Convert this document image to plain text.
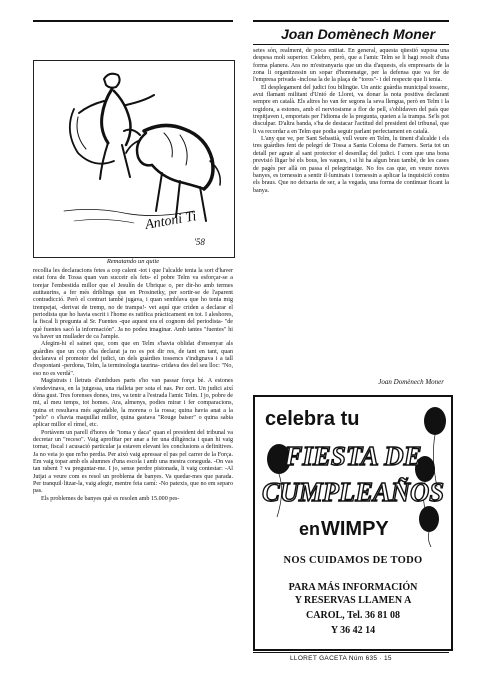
Joan Domènech Moner
Antoni Ti
'58
Rematando un quite

setes són, realment, de poca entitat. En general, aquesta qüestió suposa una despesa molt superior. Celebro, però, que a l'amic Telm se li hagi resolt d'una forma planera. Ara no m'estranyaria que un dia d'aquests, els empresaris de la zona li organitzessin un sopar d'homenatge, per la defensa que va fer de l'empresa privada -inclosa la de la plaça de "toros"- i del respecte que li tenia.

El desplegament del judici fou bilingüe. Un antic guàrdia municipal tossenc, avui flamant militant d'Unió de Lloret, va donar la nota positiva declarant sempre en català. Els altres ho van fer segons la seva llengua, però en Telm i la regidora, a estones, amb el nerviosisme a flor de pell, s'oblidaven del país que trepitjaven i, emportats per l'idioma de la pregunta, queien a la trampa. Se'ls pot disculpar. D'altra banda, s'ha de destacar l'actitud del president del tribunal, que li va recordar a en Telm que podia seguir parlant perfectament en català.

L'any que ve, per Sant Sebastià, vull veure en Telm, lu tinent d'alcalde i els tres guàrdies fent de pelegrí de Tossa a Santa Coloma de Farners. Seria tot un detall per agrair al sant protector el desenllaç del judici. I com que una bona previsió lligar bé els bous, les vaques, i si hi ha algun brau tambè, de les cases de pagès per allà on passa el pelegrinatge. No fos cas que, en veure noves banyes, es tornessin a sentir il·luminats i tornessin a aplicar la inquisició contra els braus. Que no deixaria de ser, a la vegada, una forma de continuar ficant la banya.

Joan Domènech Moner

recollia les declaracions fetes a cop calent -tot i que l'alcalde tenia la sort d'haver estat fora de Tossa quan van succeir els fets- el pobre Telm va esforçar-se a torejar l'embestida millor que el Jesulín de Ubrique o, per dir-ho amb termes autitaurins, a fer més driblings que en Prosinetky, per sortir-se de l'aparent contradicció. Però el contrari tambè jugava, i quan semblava que ho tenia mig trempejat, -derivat de tremp, no de trampa!- vet aquí que criden a declarar el periodista que ho havia escrit i l'home es ratifica pràcticament en tot. I aleshores, la fiscal li pregunta al Sr. Fuentes -que aquest era el cognom del periodista- "de què fuentes sacó la información". Ja no podeu imaginar. Amb tantes "fuentes" hi va haver un mullader de ca l'ample.

Afegim-hi el sainet que, com que en Telm s'havia oblidat d'ensenyar als guàrdies que un cop s'ha declarat ja no es pot dir res, de tant en tant, quan declarava el promotor del judici, un dels guàrdies tossencs s'indignava i a tall d'espontani -perdona, Telm, la terminologia taurina- cridava des del seu lloc: "No, eso no es verdá".

Magistrats i lletrats d'ambdues parts s'ho van passar força bé. A estones s'endevinava, en la jutgessa, una rialleta per sota el nas. Per cert. Un judici així dóna gust. Tres forenses dones, tres, va tenir a l'estrada l'amic Telm. I jo, pobre de mi, al meu temps, tot homes. Ara, almenys, podies mirar i fer comparacions, quina et resultava més agradable, la morena o la rossa; quina havia anat a la "pelo" o s'havia maquillat millor, quina gastava "Rouge baiser" o quina sabia aplicar millor el rímel, etc.

Portàvem un parell d'hores de "toma y daca" quan el president del tribunal va decretar un "receso". Vaig aprofitar per anar a fer una diligència i quan hi vaig tornar, fiscal i acusació particular ja estaven elevant les conclusions a definitives. Ja no veia jo que m'ho perdia. Per això vaig apressar el pas pel carrer de la Força. Em vaig topar amb els alumnes d'una escola i amb una mestra coneguda. -On vas tan rabent ? va preguntar-me. I jo, sense perdre pistonada, li vaig contestar: -Al Jutjat a veure com es resol un problema de banyes. Va quedar-mes que parada. Per tranquil·litzar-la, vaig afegir, mentre feia camí: -No patexis, que no em separo pas.

Els problemes de banyes què es resolen amb 15.000 pes-

celebra tu
FIESTA DE
CUMPLEAÑOS
en WIMPY
NOS CUIDAMOS DE TODO
PARA MÁS INFORMACIÓN
Y RESERVAS LLAMEN A
CAROL, Tel. 36 81 08
Y 36 42 14
LLORET GACETA Núm 635 · 15
